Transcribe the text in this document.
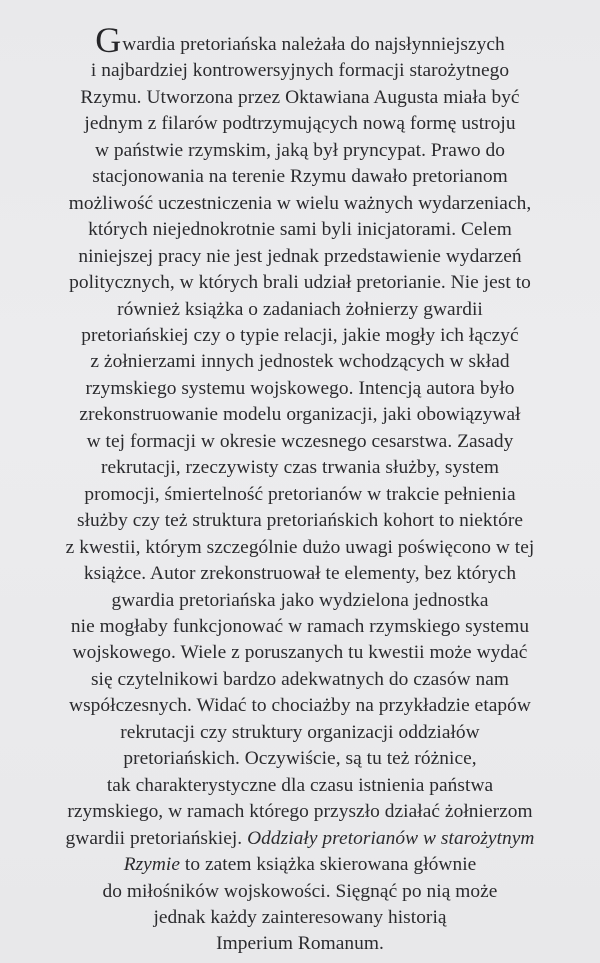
Gwardia pretoriańska należała do najsłynniejszych
i najbardziej kontrowersyjnych formacji starożytnego
Rzymu. Utworzona przez Oktawiana Augusta miała być
jednym z filarów podtrzymujących nową formę ustroju
w państwie rzymskim, jaką był pryncypat. Prawo do
stacjonowania na terenie Rzymu dawało pretorianom
możliwość uczestniczenia w wielu ważnych wydarzeniach,
których niejednokrotnie sami byli inicjatorami. Celem
niniejszej pracy nie jest jednak przedstawienie wydarzeń
politycznych, w których brali udział pretorianie. Nie jest to
również książka o zadaniach żołnierzy gwardii
pretoriańskiej czy o typie relacji, jakie mogły ich łączyć
z żołnierzami innych jednostek wchodzących w skład
rzymskiego systemu wojskowego. Intencją autora było
zrekonstruowanie modelu organizacji, jaki obowiązywał
w tej formacji w okresie wczesnego cesarstwa. Zasady
rekrutacji, rzeczywisty czas trwania służby, system
promocji, śmiertelność pretorianów w trakcie pełnienia
służby czy też struktura pretoriańskich kohort to niektóre
z kwestii, którym szczególnie dużo uwagi poświęcono w tej
książce. Autor zrekonstruował te elementy, bez których
gwardia pretoriańska jako wydzielona jednostka
nie mogłaby funkcjonować w ramach rzymskiego systemu
wojskowego. Wiele z poruszanych tu kwestii może wydać
się czytelnikowi bardzo adekwatnych do czasów nam
współczesnych. Widać to chociażby na przykładzie etapów
rekrutacji czy struktury organizacji oddziałów
pretoriańskich. Oczywiście, są tu też różnice,
tak charakterystyczne dla czasu istnienia państwa
rzymskiego, w ramach którego przyszło działać żołnierzom
gwardii pretoriańskiej. Oddziały pretorianów w starożytnym
Rzymie to zatem książka skierowana głównie
do miłośników wojskowości. Sięgnąć po nią może
jednak każdy zainteresowany historią
Imperium Romanum.
